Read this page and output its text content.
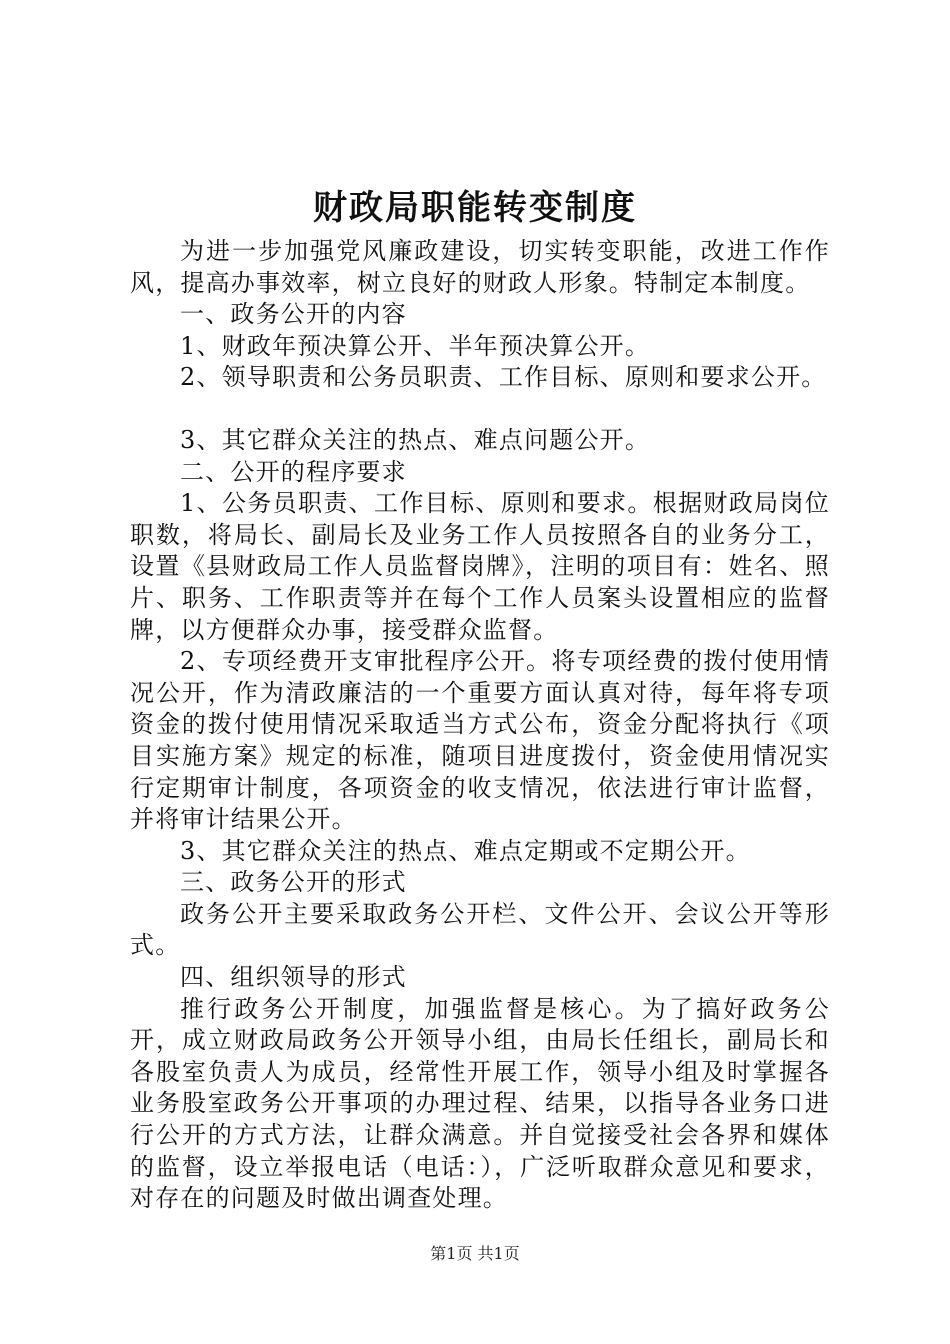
财政局职能转变制度

为进一步加强党风廉政建设，切实转变职能，改进工作作风，提高办事效率，树立良好的财政人形象。特制定本制度。

一、政务公开的内容

1、财政年预决算公开、半年预决算公开。

2、领导职责和公务员职责、工作目标、原则和要求公开。

3、其它群众关注的热点、难点问题公开。

二、公开的程序要求

1、公务员职责、工作目标、原则和要求。根据财政局岗位职数，将局长、副局长及业务工作人员按照各自的业务分工，设置《县财政局工作人员监督岗牌》，注明的项目有：姓名、照片、职务、工作职责等并在每个工作人员案头设置相应的监督牌，以方便群众办事，接受群众监督。

2、专项经费开支审批程序公开。将专项经费的拨付使用情况公开，作为清政廉洁的一个重要方面认真对待，每年将专项资金的拨付使用情况采取适当方式公布，资金分配将执行《项目实施方案》规定的标准，随项目进度拨付，资金使用情况实行定期审计制度，各项资金的收支情况，依法进行审计监督，并将审计结果公开。

3、其它群众关注的热点、难点定期或不定期公开。

三、政务公开的形式

政务公开主要采取政务公开栏、文件公开、会议公开等形式。

四、组织领导的形式

推行政务公开制度，加强监督是核心。为了搞好政务公开，成立财政局政务公开领导小组，由局长任组长，副局长和各股室负责人为成员，经常性开展工作，领导小组及时掌握各业务股室政务公开事项的办理过程、结果，以指导各业务口进行公开的方式方法，让群众满意。并自觉接受社会各界和媒体的监督，设立举报电话（电话：），广泛听取群众意见和要求，对存在的问题及时做出调查处理。

第1页 共1页
